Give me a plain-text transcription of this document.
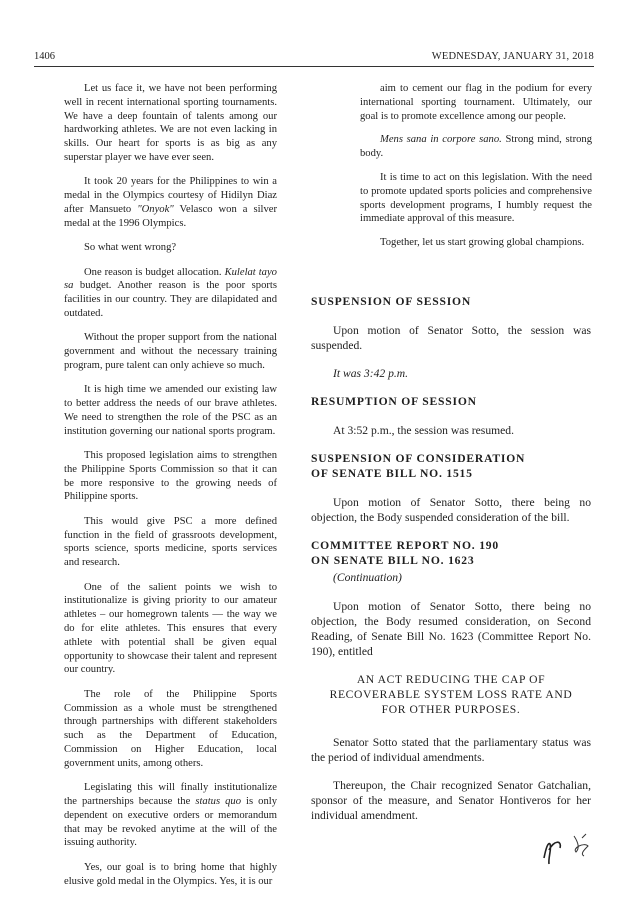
1406	WEDNESDAY, JANUARY 31, 2018

Let us face it, we have not been performing well in recent international sporting tournaments. We have a deep fountain of talents among our hardworking athletes. We are not even lacking in skills. Our heart for sports is as big as any superstar player we have ever seen.

It took 20 years for the Philippines to win a medal in the Olympics courtesy of Hidilyn Diaz after Mansueto "Onyok" Velasco won a silver medal at the 1996 Olympics.

So what went wrong?

One reason is budget allocation. Kulelat tayo sa budget. Another reason is the poor sports facilities in our country. They are dilapidated and outdated.

Without the proper support from the national government and without the necessary training program, pure talent can only achieve so much.

It is high time we amended our existing law to better address the needs of our brave athletes. We need to strengthen the role of the PSC as an institution governing our national sports program.

This proposed legislation aims to strengthen the Philippine Sports Commission so that it can be more responsive to the growing needs of Philippine sports.

This would give PSC a more defined function in the field of grassroots development, sports science, sports medicine, sports services and research.

One of the salient points we wish to institutionalize is giving priority to our amateur athletes – our homegrown talents — the way we do for elite athletes. This ensures that every athlete with potential shall be given equal opportunity to showcase their talent and represent our country.

The role of the Philippine Sports Commission as a whole must be strengthened through partnerships with different stakeholders such as the Department of Education, Commission on Higher Education, local government units, among others.

Legislating this will finally institutionalize the partnerships because the status quo is only dependent on executive orders or memorandum that may be revoked anytime at the will of the issuing authority.

Yes, our goal is to bring home that highly elusive gold medal in the Olympics. Yes, it is our

aim to cement our flag in the podium for every international sporting tournament. Ultimately, our goal is to promote excellence among our people.

Mens sana in corpore sano. Strong mind, strong body.

It is time to act on this legislation. With the need to promote updated sports policies and comprehensive sports development programs, I humbly request the immediate approval of this measure.

Together, let us start growing global champions.

SUSPENSION OF SESSION

Upon motion of Senator Sotto, the session was suspended.

It was 3:42 p.m.

RESUMPTION OF SESSION

At 3:52 p.m., the session was resumed.

SUSPENSION OF CONSIDERATION
OF SENATE BILL NO. 1515

Upon motion of Senator Sotto, there being no objection, the Body suspended consideration of the bill.

COMMITTEE REPORT NO. 190
ON SENATE BILL NO. 1623
(Continuation)

Upon motion of Senator Sotto, there being no objection, the Body resumed consideration, on Second Reading, of Senate Bill No. 1623 (Committee Report No. 190), entitled

AN ACT REDUCING THE CAP OF RECOVERABLE SYSTEM LOSS RATE AND FOR OTHER PURPOSES.

Senator Sotto stated that the parliamentary status was the period of individual amendments.

Thereupon, the Chair recognized Senator Gatchalian, sponsor of the measure, and Senator Hontiveros for her individual amendment.
